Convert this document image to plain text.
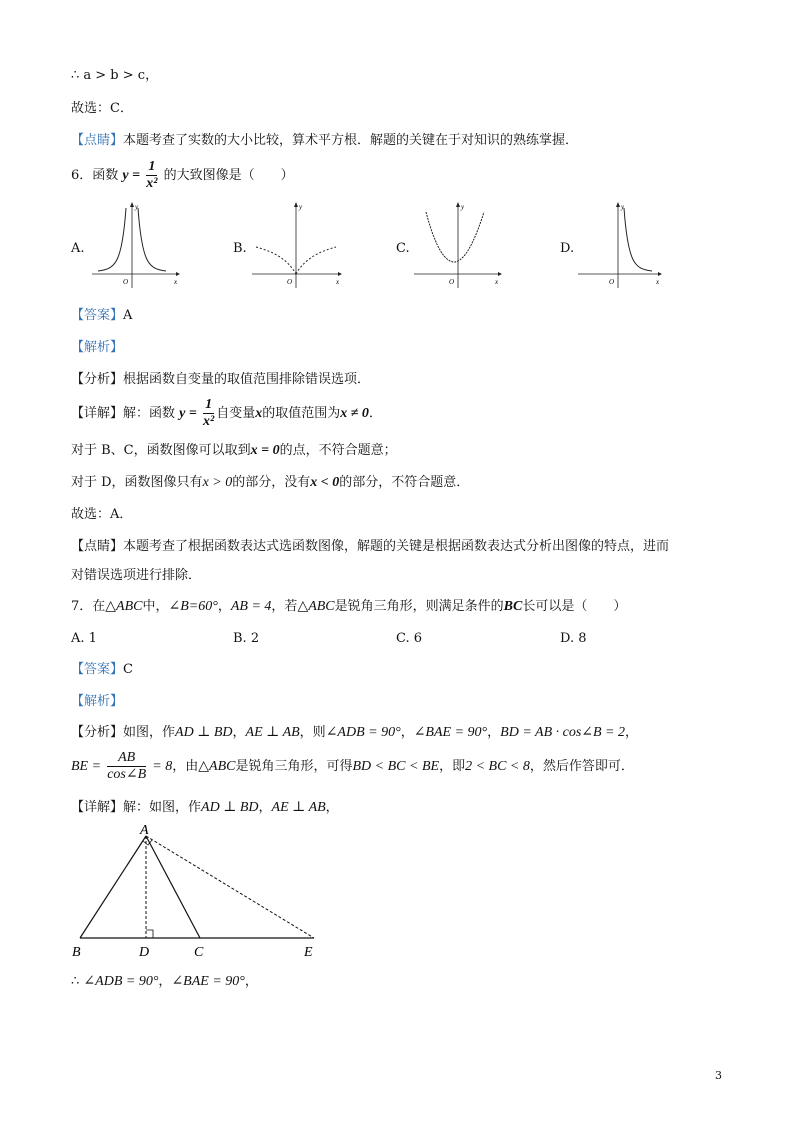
∴ a > b > c，
故选：C．
【点睛】本题考查了实数的大小比较，算术平方根．解题的关键在于对知识的熟练掌握．
6．函数 $y = \frac{1}{\text{x²}}$ 的大致图像是（　　）
A.	B.	C.	D.
y
x
O
y
x
O
y
x
O
y
x
O
【答案】A
【解析】
【分析】根据函数自变量的取值范围排除错误选项．
【详解】解：函数 $y = \frac{1}{\text{x²}}$ 自变量x的取值范围为x ≠ 0．
对于 B、C，函数图像可以取到x = 0的点，不符合题意；
对于 D，函数图像只有x > 0的部分，没有x < 0的部分，不符合题意．
故选：A．
【点睛】本题考查了根据函数表达式选函数图像，解题的关键是根据函数表达式分析出图像的特点，进而
对错误选项进行排除．
7．在△ABC中，∠B=60°，AB = 4，若△ABC是锐角三角形，则满足条件的BC长可以是（　　）
A. 1	B. 2	C. 6	D. 8
【答案】C
【解析】
【分析】如图，作AD ⊥ BD，AE ⊥ AB，则∠ADB = 90°，∠BAE = 90°，BD = AB · cos∠B = 2，
BE = $\frac{AB}{\cos\angle B} = 8$，由△ABC是锐角三角形，可得BD < BC < BE，即2 < BC < 8，然后作答即可．
【详解】解：如图，作AD ⊥ BD，AE ⊥ AB，
A
B	D	C	E
∴ ∠ADB = 90°，∠BAE = 90°，
3
